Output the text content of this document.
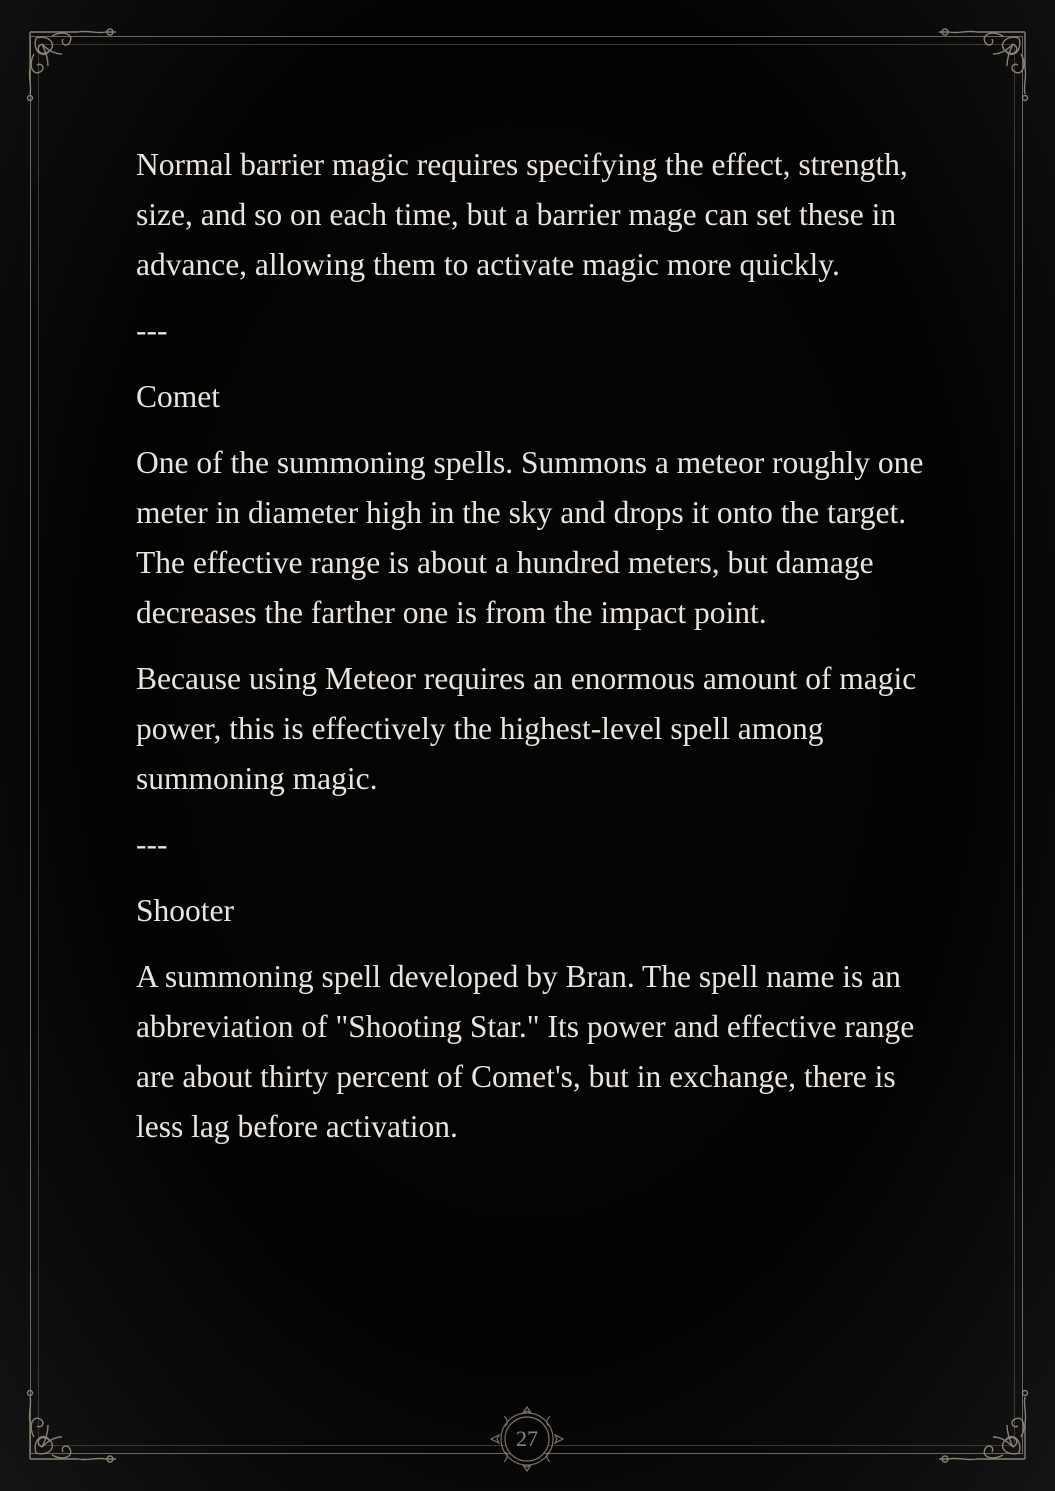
Normal barrier magic requires specifying the effect, strength, size, and so on each time, but a barrier mage can set these in advance, allowing them to activate magic more quickly.

---

Comet

One of the summoning spells. Summons a meteor roughly one meter in diameter high in the sky and drops it onto the target. The effective range is about a hundred meters, but damage decreases the farther one is from the impact point.

Because using Meteor requires an enormous amount of magic power, this is effectively the highest-level spell among summoning magic.

---

Shooter

A summoning spell developed by Bran. The spell name is an abbreviation of "Shooting Star." Its power and effective range are about thirty percent of Comet's, but in exchange, there is less lag before activation.

27
